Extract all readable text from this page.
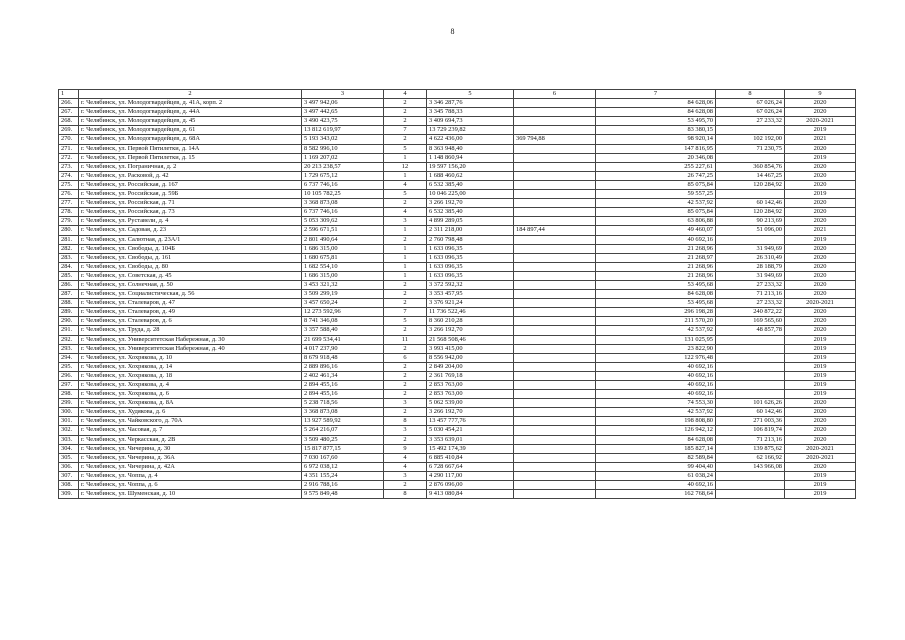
8
1	2	3	4	5	6	7	8	9
266.	г. Челябинск, ул. Молодогвардейцев, д. 41А, корп. 2	3 497 942,06	2	3 346 287,76		84 628,06	67 026,24	2020
267.	г. Челябинск, ул. Молодогвардейцев, д. 44А	3 497 442,65	2	3 345 788,33		84 628,08	67 026,24	2020
268.	г. Челябинск, ул. Молодогвардейцев, д. 45	3 490 423,75	2	3 409 694,73		53 495,70	27 233,32	2020-2021
269.	г. Челябинск, ул. Молодогвардейцев, д. 61	13 812 619,97	7	13 729 239,82		83 380,15		2019
270.	г. Челябинск, ул. Молодогвардейцев, д. 68А	5 193 343,02	2	4 622 436,00	369 794,88	98 920,14	102 192,00	2021
271.	г. Челябинск, ул. Первой Пятилетки, д. 14А	8 582 996,10	5	8 363 948,40		147 816,95	71 230,75	2020
272.	г. Челябинск, ул. Первой Пятилетки, д. 15	1 169 207,02	1	1 148 860,94		20 346,08		2019
273.	г. Челябинск, ул. Пограничная, д. 2	20 213 238,57	12	19 597 156,20		255 227,61	360 854,76	2020
274.	г. Челябинск, ул. Расковой, д. 42	1 729 675,12	1	1 688 460,62		26 747,25	14 467,25	2020
275.	г. Челябинск, ул. Российская, д. 167	6 737 746,16	4	6 532 385,40		85 075,84	120 284,92	2020
276.	г. Челябинск, ул. Российская, д. 59Б	10 105 782,25	5	10 046 225,00		59 557,25		2019
277.	г. Челябинск, ул. Российская, д. 71	3 368 873,08	2	3 266 192,70		42 537,92	60 142,46	2020
278.	г. Челябинск, ул. Российская, д. 73	6 737 746,16	4	6 532 385,40		85 075,84	120 284,92	2020
279.	г. Челябинск, ул. Руставели, д. 4	5 053 309,62	3	4 899 289,05		63 806,88	90 213,69	2020
280.	г. Челябинск, ул. Садовая, д. 23	2 596 671,51	1	2 311 218,00	184 897,44	49 460,07	51 096,00	2021
281.	г. Челябинск, ул. Салютная, д. 23А/1	2 801 490,64	2	2 760 798,48		40 692,16		2019
282.	г. Челябинск, ул. Свободы, д. 104Б	1 686 315,00	1	1 633 096,35		21 268,96	31 949,69	2020
283.	г. Челябинск, ул. Свободы, д. 161	1 680 675,81	1	1 633 096,35		21 268,97	26 310,49	2020
284.	г. Челябинск, ул. Свободы, д. 80	1 682 554,10	1	1 633 096,35		21 268,96	28 188,79	2020
285.	г. Челябинск, ул. Советская, д. 45	1 686 315,00	1	1 633 096,35		21 268,96	31 949,69	2020
286.	г. Челябинск, ул. Солнечная, д. 50	3 453 321,32	2	3 372 592,32		53 495,68	27 233,32	2020
287.	г. Челябинск, ул. Социалистическая, д. 56	3 509 299,19	2	3 353 457,95		84 628,08	71 213,16	2020
288.	г. Челябинск, ул. Сталеваров, д. 47	3 457 650,24	2	3 376 921,24		53 495,68	27 233,32	2020-2021
289.	г. Челябинск, ул. Сталеваров, д. 49	12 273 592,96	7	11 736 522,46		296 198,28	240 872,22	2020
290.	г. Челябинск, ул. Сталеваров, д. 6	8 741 346,08	5	8 360 210,28		211 570,20	169 565,60	2020
291.	г. Челябинск, ул. Труда, д. 28	3 357 588,40	2	3 266 192,70		42 537,92	48 857,78	2020
292.	г. Челябинск, ул. Университетская Набережная, д. 30	21 699 534,41	11	21 568 508,46		131 025,95		2019
293.	г. Челябинск, ул. Университетская Набережная, д. 40	4 017 237,90	2	3 993 415,00		23 822,90		2019
294.	г. Челябинск, ул. Хохрякова, д. 10	8 679 918,48	6	8 556 942,00		122 976,48		2019
295.	г. Челябинск, ул. Хохрякова, д. 14	2 889 896,16	2	2 849 204,00		40 692,16		2019
296.	г. Челябинск, ул. Хохрякова, д. 18	2 402 461,34	2	2 361 769,18		40 692,16		2019
297.	г. Челябинск, ул. Хохрякова, д. 4	2 894 455,16	2	2 853 763,00		40 692,16		2019
298.	г. Челябинск, ул. Хохрякова, д. 6	2 894 455,16	2	2 853 763,00		40 692,16		2019
299.	г. Челябинск, ул. Хохрякова, д. 8А	5 238 718,56	3	5 062 539,00		74 553,30	101 626,26	2020
300.	г. Челябинск, ул. Худякова, д. 6	3 368 873,08	2	3 266 192,70		42 537,92	60 142,46	2020
301.	г. Челябинск, ул. Чайковского, д. 70А	13 927 589,92	8	13 457 777,76		198 808,80	271 003,36	2020
302.	г. Челябинск, ул. Часовая, д. 7	5 264 216,07	3	5 030 454,21		126 942,12	106 819,74	2020
303.	г. Челябинск, ул. Черкасская, д. 2В	3 509 480,25	2	3 353 639,01		84 628,08	71 213,16	2020
304.	г. Челябинск, ул. Чичерина, д. 30	15 817 877,15	9	15 492 174,39		185 827,14	139 875,62	2020-2021
305.	г. Челябинск, ул. Чичерина, д. 36А	7 030 167,60	4	6 885 410,84		82 589,84	62 166,92	2020-2021
306.	г. Челябинск, ул. Чичерина, д. 42А	6 972 038,12	4	6 728 667,64		99 404,40	143 966,08	2020
307.	г. Челябинск, ул. Чоппа, д. 4	4 351 155,24	3	4 290 117,00		61 038,24		2019
308.	г. Челябинск, ул. Чоппа, д. 6	2 916 788,16	2	2 876 096,00		40 692,16		2019
309.	г. Челябинск, ул. Шуменская, д. 10	9 575 849,48	8	9 413 080,84		162 768,64		2019
